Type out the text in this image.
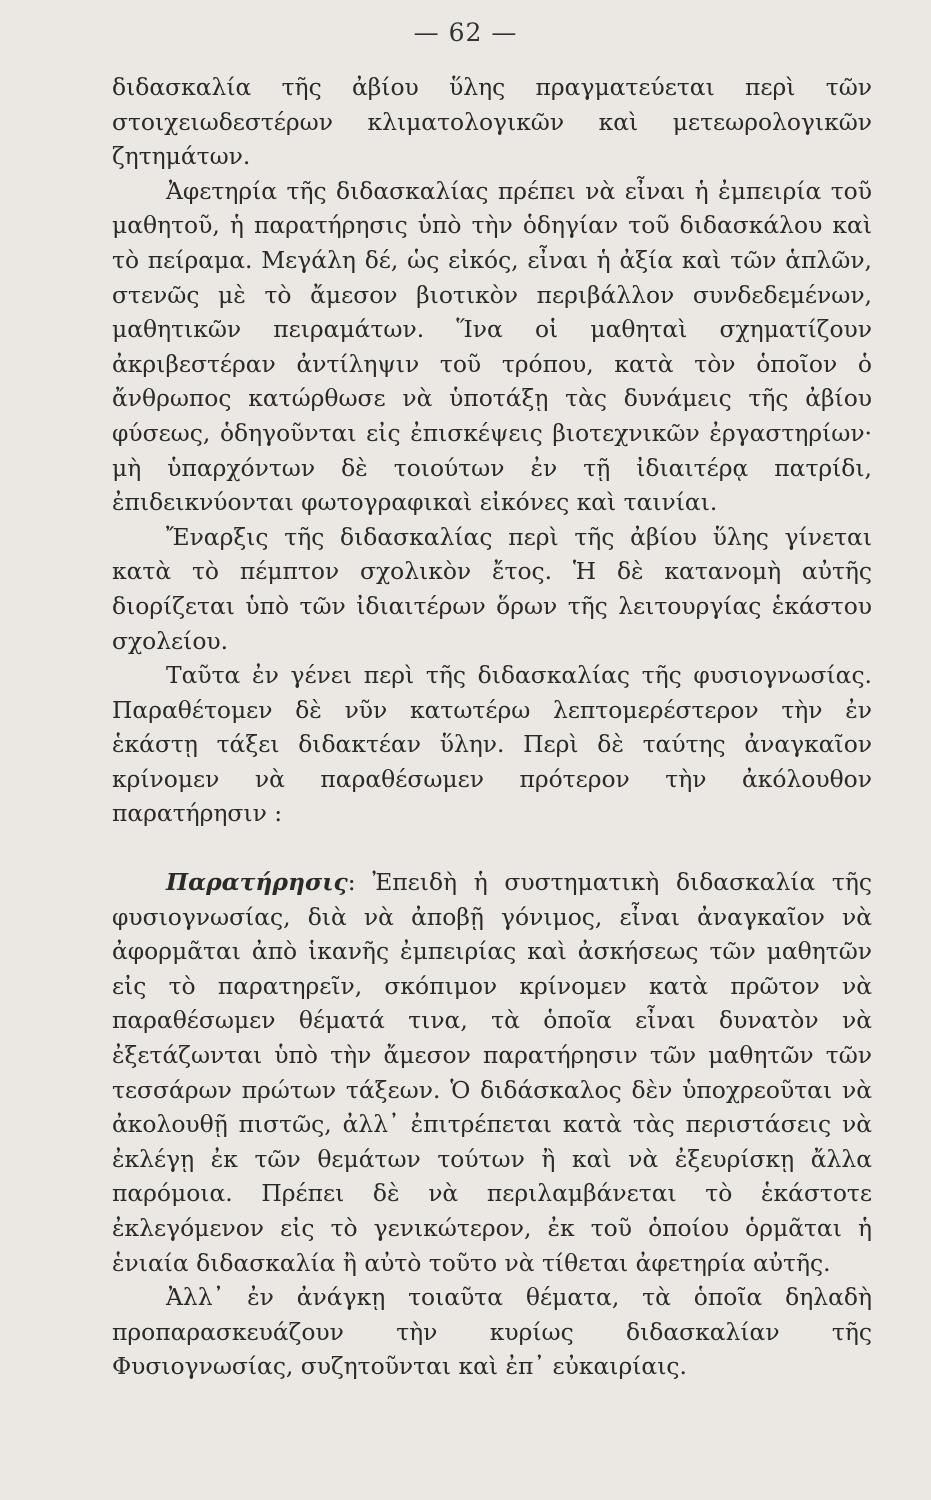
— 62 —

διδασκαλία τῆς ἀβίου ὕλης πραγματεύεται περὶ τῶν στοιχειωδεστέρων κλιματολογικῶν καὶ μετεωρολογικῶν ζητημάτων.

Ἀφετηρία τῆς διδασκαλίας πρέπει νὰ εἶναι ἡ ἐμπειρία τοῦ μαθητοῦ, ἡ παρατήρησις ὑπὸ τὴν ὁδηγίαν τοῦ διδασκάλου καὶ τὸ πείραμα. Μεγάλη δέ, ὡς εἰκός, εἶναι ἡ ἀξία καὶ τῶν ἁπλῶν, στενῶς μὲ τὸ ἄμεσον βιοτικὸν περιβάλλον συνδεδεμένων, μαθητικῶν πειραμάτων. Ἵνα οἱ μαθηταὶ σχηματίζουν ἀκριβεστέραν ἀντίληψιν τοῦ τρόπου, κατὰ τὸν ὁποῖον ὁ ἄνθρωπος κατώρθωσε νὰ ὑποτάξῃ τὰς δυνάμεις τῆς ἀβίου φύσεως, ὁδηγοῦνται εἰς ἐπισκέψεις βιοτεχνικῶν ἐργαστηρίων· μὴ ὑπαρχόντων δὲ τοιούτων ἐν τῇ ἰδιαιτέρᾳ πατρίδι, ἐπιδεικνύονται φωτογραφικαὶ εἰκόνες καὶ ταινίαι.

Ἔναρξις τῆς διδασκαλίας περὶ τῆς ἀβίου ὕλης γίνεται κατὰ τὸ πέμπτον σχολικὸν ἔτος. Ἡ δὲ κατανομὴ αὐτῆς διορίζεται ὑπὸ τῶν ἰδιαιτέρων ὅρων τῆς λειτουργίας ἑκάστου σχολείου.

Ταῦτα ἐν γένει περὶ τῆς διδασκαλίας τῆς φυσιογνωσίας. Παραθέτομεν δὲ νῦν κατωτέρω λεπτομερέστερον τὴν ἐν ἑκάστῃ τάξει διδακτέαν ὕλην. Περὶ δὲ ταύτης ἀναγκαῖον κρίνομεν νὰ παραθέσωμεν πρότερον τὴν ἀκόλουθον παρατήρησιν :

Παρατήρησις: Ἐπειδὴ ἡ συστηματικὴ διδασκαλία τῆς φυσιογνωσίας, διὰ νὰ ἀποβῇ γόνιμος, εἶναι ἀναγκαῖον νὰ ἀφορμᾶται ἀπὸ ἱκανῆς ἐμπειρίας καὶ ἀσκήσεως τῶν μαθητῶν εἰς τὸ παρατηρεῖν, σκόπιμον κρίνομεν κατὰ πρῶτον νὰ παραθέσωμεν θέματά τινα, τὰ ὁποῖα εἶναι δυνατὸν νὰ ἐξετάζωνται ὑπὸ τὴν ἄμεσον παρατήρησιν τῶν μαθητῶν τῶν τεσσάρων πρώτων τάξεων. Ὁ διδάσκαλος δὲν ὑποχρεοῦται νὰ ἀκολουθῇ πιστῶς, ἀλλ᾽ ἐπιτρέπεται κατὰ τὰς περιστάσεις νὰ ἐκλέγῃ ἐκ τῶν θεμάτων τούτων ἢ καὶ νὰ ἐξευρίσκῃ ἄλλα παρόμοια. Πρέπει δὲ νὰ περιλαμβάνεται τὸ ἑκάστοτε ἐκλεγόμενον εἰς τὸ γενικώτερον, ἐκ τοῦ ὁποίου ὁρμᾶται ἡ ἑνιαία διδασκαλία ἢ αὐτὸ τοῦτο νὰ τίθεται ἀφετηρία αὐτῆς.

Ἀλλ᾽ ἐν ἀνάγκῃ τοιαῦτα θέματα, τὰ ὁποῖα δηλαδὴ προπαρασκευάζουν τὴν κυρίως διδασκαλίαν τῆς Φυσιογνωσίας, συζητοῦνται καὶ ἐπ᾽ εὐκαιρίαις.
